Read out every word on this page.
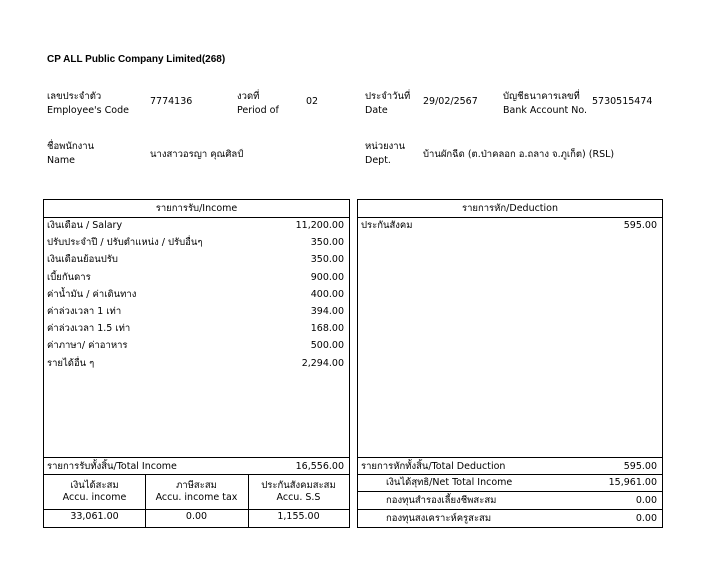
CP ALL Public Company Limited(268)
เลขประจำตัว
Employee's Code
7774136	งวดที่
Period of
02	ประจำวันที่
Date
29/02/2567	บัญชีธนาคารเลขที่
Bank Account No.
5730515474
ชื่อพนักงาน
Name
นางสาวอรญา คุณศิลป์
หน่วยงาน
Dept.
บ้านผักฉีด (ต.ป่าคลอก อ.ถลาง จ.ภูเก็ต) (RSL)
รายการรับ/Income
เงินเดือน / Salary	11,200.00
ปรับประจำปี / ปรับตำแหน่ง / ปรับอื่นๆ	350.00
เงินเดือนย้อนปรับ	350.00
เบี้ยกันดาร	900.00
ค่าน้ำมัน / ค่าเดินทาง	400.00
ค่าล่วงเวลา 1 เท่า	394.00
ค่าล่วงเวลา 1.5 เท่า	168.00
ค่าภาษา/ ค่าอาหาร	500.00
รายได้อื่น ๆ	2,294.00
รายการรับทั้งสิ้น/Total Income	16,556.00
เงินได้สะสม
Accu. income
ภาษีสะสม
Accu. income tax
ประกันสังคมสะสม
Accu. S.S
33,061.00	0.00	1,155.00
รายการหัก/Deduction
ประกันสังคม	595.00
รายการหักทั้งสิ้น/Total Deduction	595.00
เงินได้สุทธิ/Net Total Income	15,961.00
กองทุนสำรองเลี้ยงชีพสะสม	0.00
กองทุนสงเคราะห์ครูสะสม	0.00
